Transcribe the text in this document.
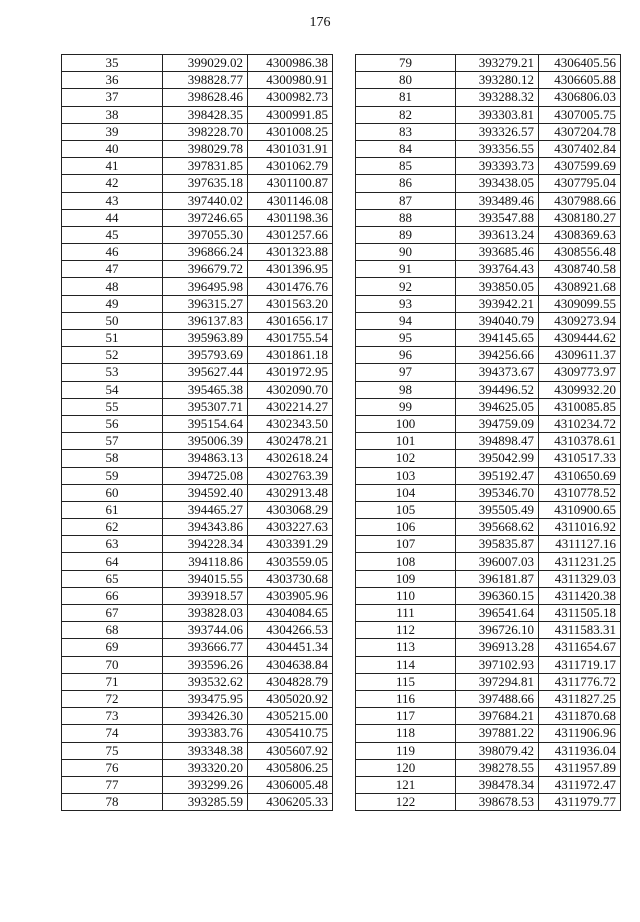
176
35	399029.02	4300986.38
36	398828.77	4300980.91
37	398628.46	4300982.73
38	398428.35	4300991.85
39	398228.70	4301008.25
40	398029.78	4301031.91
41	397831.85	4301062.79
42	397635.18	4301100.87
43	397440.02	4301146.08
44	397246.65	4301198.36
45	397055.30	4301257.66
46	396866.24	4301323.88
47	396679.72	4301396.95
48	396495.98	4301476.76
49	396315.27	4301563.20
50	396137.83	4301656.17
51	395963.89	4301755.54
52	395793.69	4301861.18
53	395627.44	4301972.95
54	395465.38	4302090.70
55	395307.71	4302214.27
56	395154.64	4302343.50
57	395006.39	4302478.21
58	394863.13	4302618.24
59	394725.08	4302763.39
60	394592.40	4302913.48
61	394465.27	4303068.29
62	394343.86	4303227.63
63	394228.34	4303391.29
64	394118.86	4303559.05
65	394015.55	4303730.68
66	393918.57	4303905.96
67	393828.03	4304084.65
68	393744.06	4304266.53
69	393666.77	4304451.34
70	393596.26	4304638.84
71	393532.62	4304828.79
72	393475.95	4305020.92
73	393426.30	4305215.00
74	393383.76	4305410.75
75	393348.38	4305607.92
76	393320.20	4305806.25
77	393299.26	4306005.48
78	393285.59	4306205.33
79	393279.21	4306405.56
80	393280.12	4306605.88
81	393288.32	4306806.03
82	393303.81	4307005.75
83	393326.57	4307204.78
84	393356.55	4307402.84
85	393393.73	4307599.69
86	393438.05	4307795.04
87	393489.46	4307988.66
88	393547.88	4308180.27
89	393613.24	4308369.63
90	393685.46	4308556.48
91	393764.43	4308740.58
92	393850.05	4308921.68
93	393942.21	4309099.55
94	394040.79	4309273.94
95	394145.65	4309444.62
96	394256.66	4309611.37
97	394373.67	4309773.97
98	394496.52	4309932.20
99	394625.05	4310085.85
100	394759.09	4310234.72
101	394898.47	4310378.61
102	395042.99	4310517.33
103	395192.47	4310650.69
104	395346.70	4310778.52
105	395505.49	4310900.65
106	395668.62	4311016.92
107	395835.87	4311127.16
108	396007.03	4311231.25
109	396181.87	4311329.03
110	396360.15	4311420.38
111	396541.64	4311505.18
112	396726.10	4311583.31
113	396913.28	4311654.67
114	397102.93	4311719.17
115	397294.81	4311776.72
116	397488.66	4311827.25
117	397684.21	4311870.68
118	397881.22	4311906.96
119	398079.42	4311936.04
120	398278.55	4311957.89
121	398478.34	4311972.47
122	398678.53	4311979.77
